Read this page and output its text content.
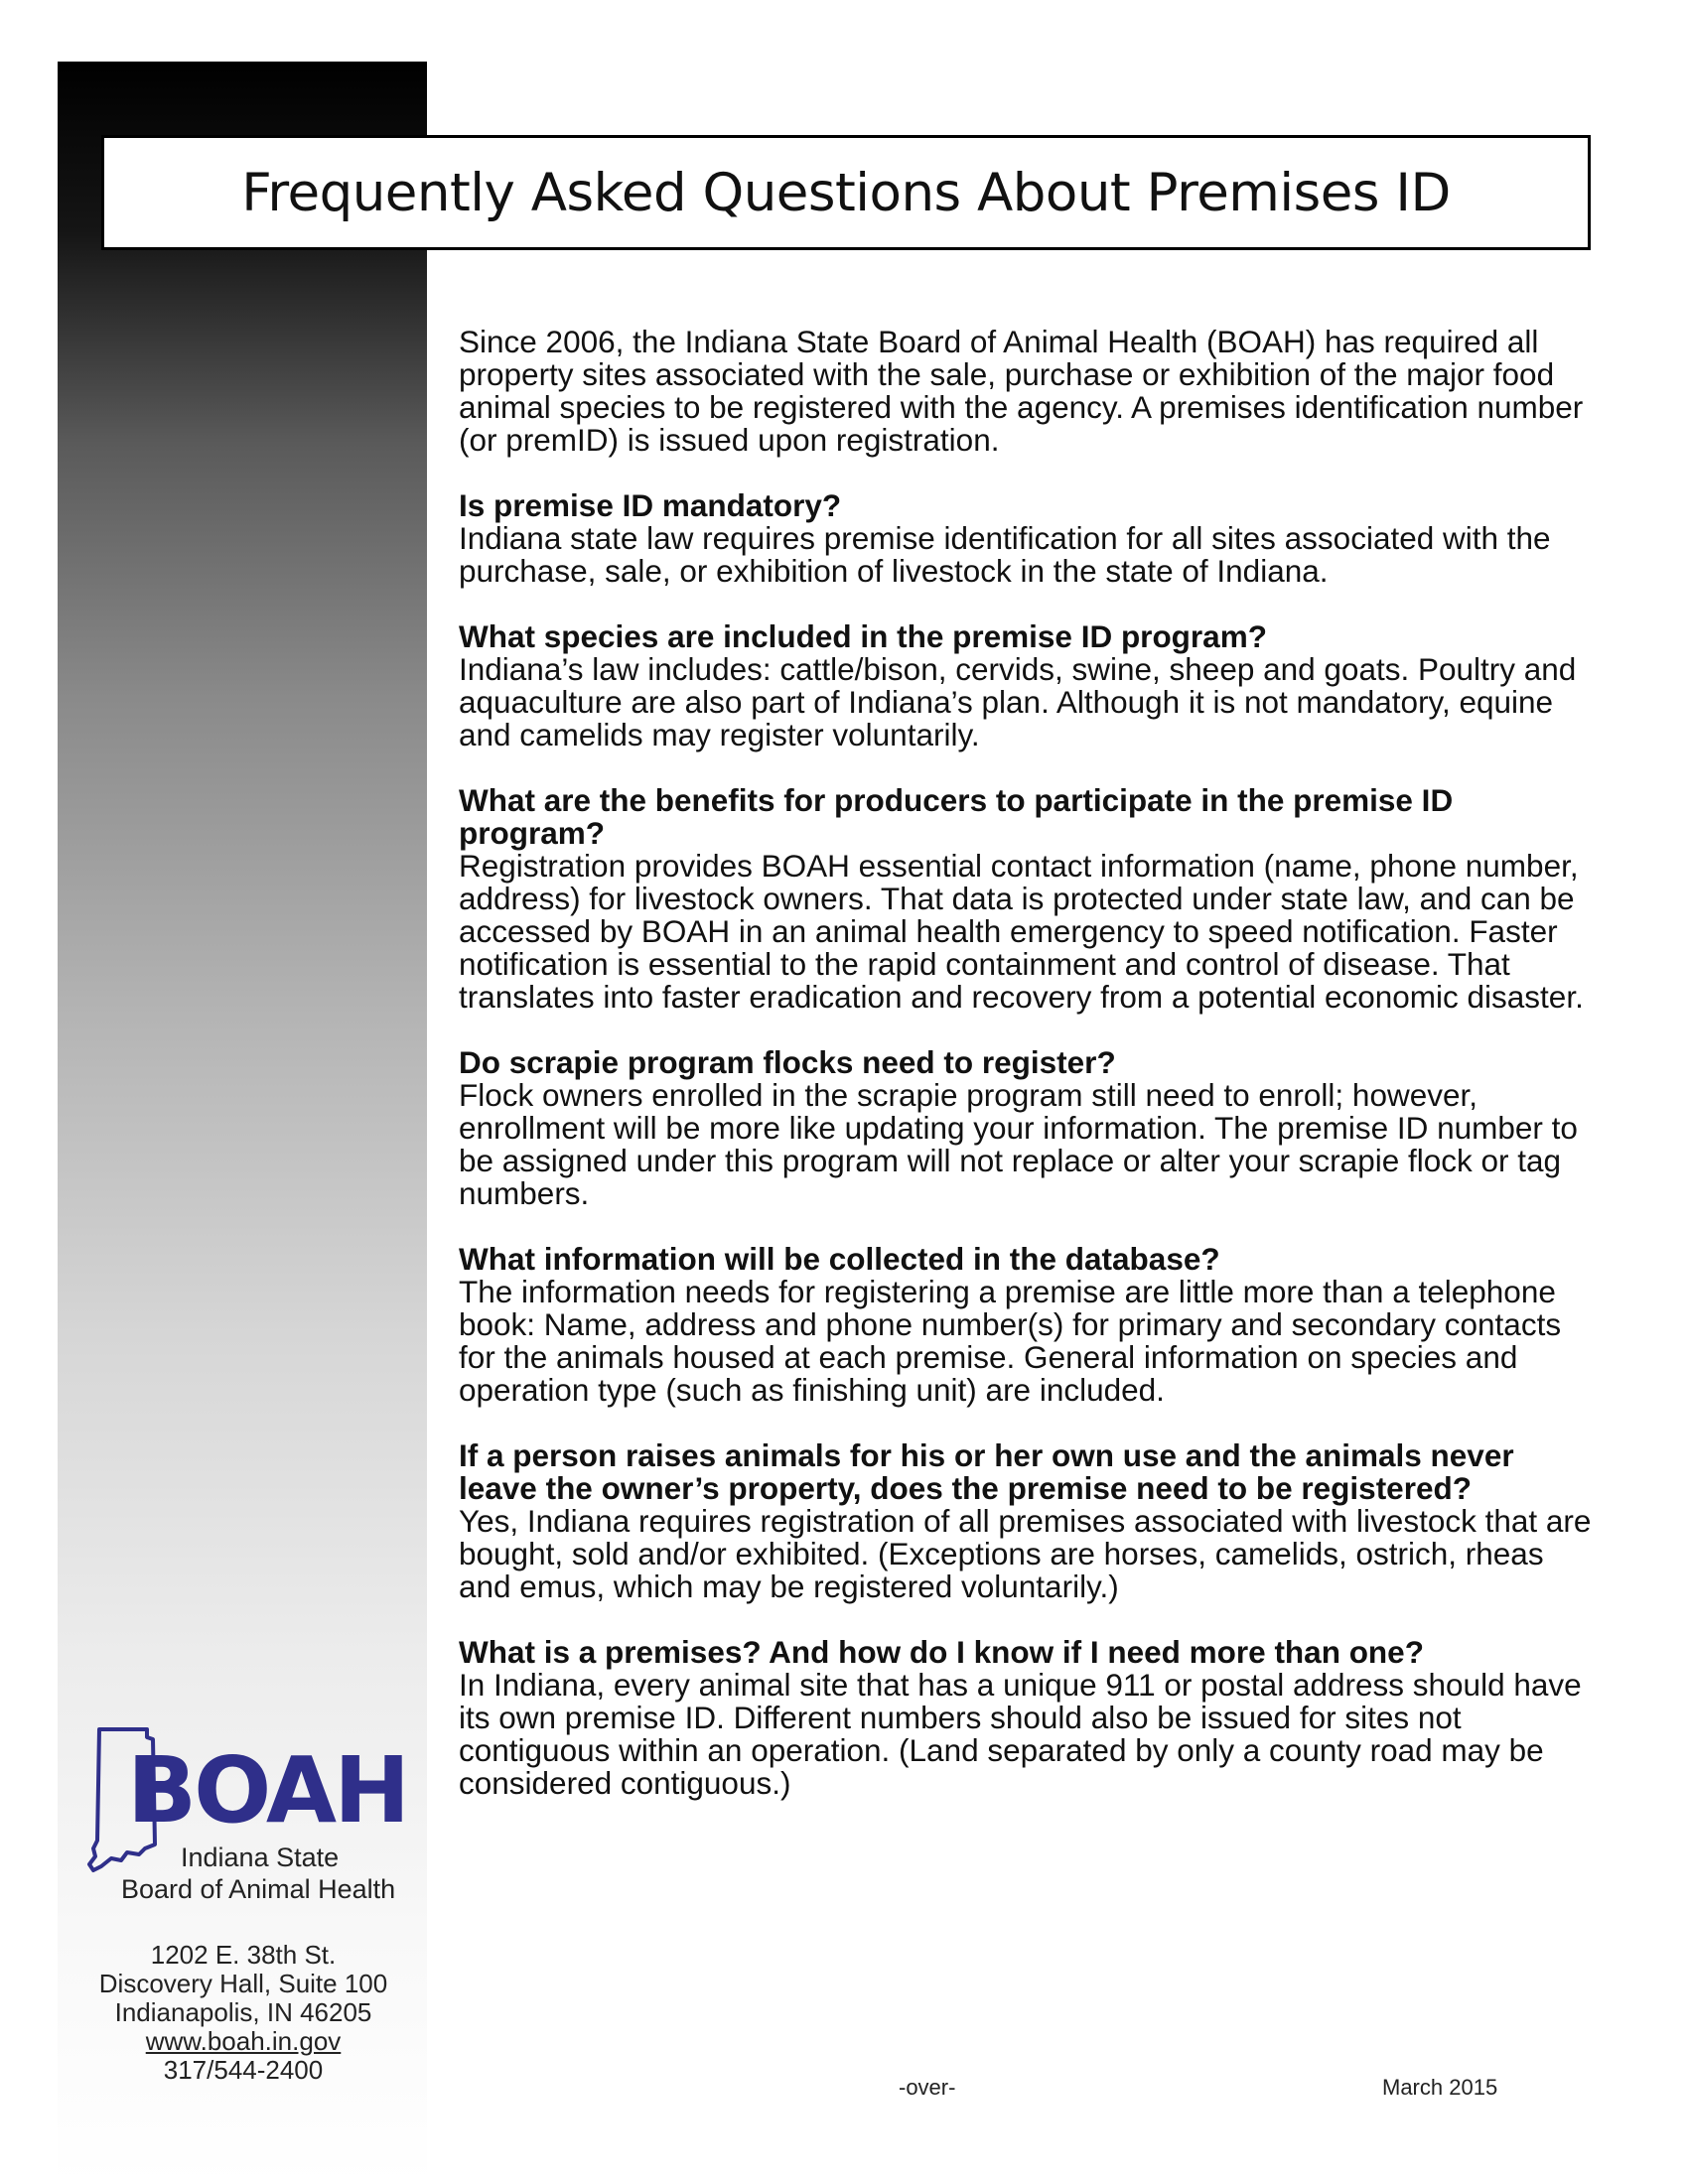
Frequently Asked Questions About Premises ID

Since 2006, the Indiana State Board of Animal Health (BOAH) has required all property sites associated with the sale, purchase or exhibition of the major food animal species to be registered with the agency. A premises identification number (or premID) is issued upon registration.

Is premise ID mandatory?
Indiana state law requires premise identification for all sites associated with the purchase, sale, or exhibition of livestock in the state of Indiana.
What species are included in the premise ID program?
Indiana’s law includes: cattle/bison, cervids, swine, sheep and goats. Poultry and aquaculture are also part of Indiana’s plan. Although it is not mandatory, equine and camelids may register voluntarily.
What are the benefits for producers to participate in the premise ID program?
Registration provides BOAH essential contact information (name, phone number, address) for livestock owners. That data is protected under state law, and can be accessed by BOAH in an animal health emergency to speed notification. Faster notification is essential to the rapid containment and control of disease. That translates into faster eradication and recovery from a potential economic disaster.
Do scrapie program flocks need to register?
Flock owners enrolled in the scrapie program still need to enroll; however, enrollment will be more like updating your information. The premise ID number to be assigned under this program will not replace or alter your scrapie flock or tag numbers.
What information will be collected in the database?
The information needs for registering a premise are little more than a telephone book: Name, address and phone number(s) for primary and secondary contacts for the animals housed at each premise. General information on species and operation type (such as finishing unit) are included.
If a person raises animals for his or her own use and the animals never leave the owner’s property, does the premise need to be registered?
Yes, Indiana requires registration of all premises associated with livestock that are bought, sold and/or exhibited. (Exceptions are horses, camelids, ostrich, rheas and emus, which may be registered voluntarily.)
What is a premises? And how do I know if I need more than one?
In Indiana, every animal site that has a unique 911 or postal address should have its own premise ID. Different numbers should also be issued for sites not contiguous within an operation. (Land separated by only a county road may be considered contiguous.)
BOAH
Indiana State
Board of Animal Health
1202 E. 38th St.
Discovery Hall, Suite 100
Indianapolis, IN 46205
www.boah.in.gov
317/544-2400
-over-	March 2015
